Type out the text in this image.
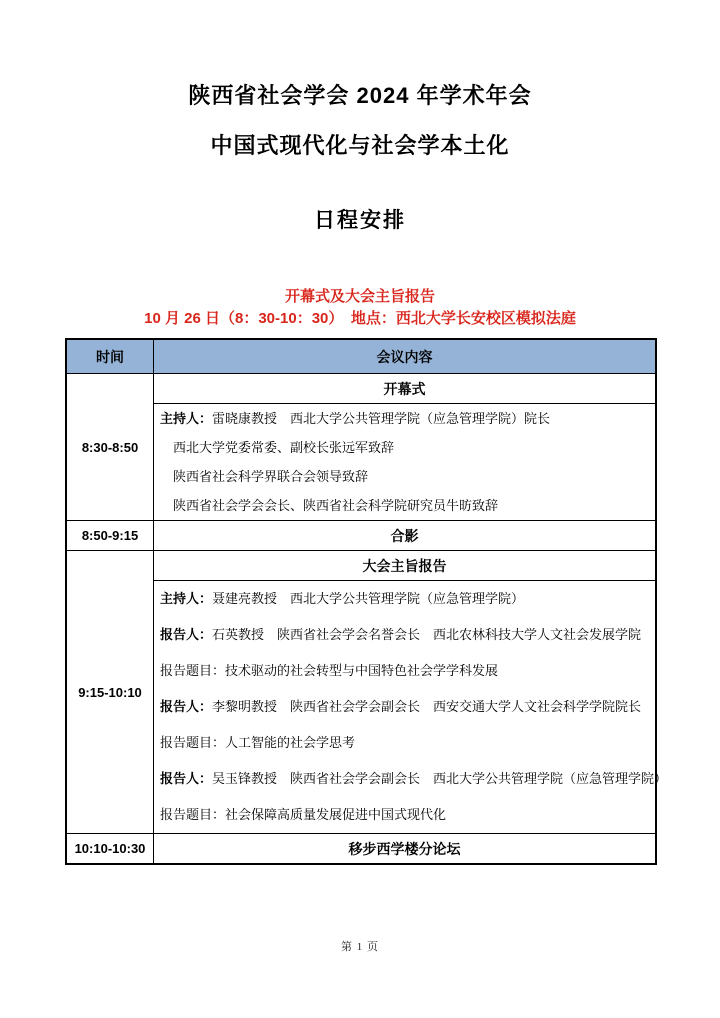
陕西省社会学会 2024 年学术年会
中国式现代化与社会学本土化
日程安排
开幕式及大会主旨报告
10 月 26 日（8：30-10：30）　地点：西北大学长安校区模拟法庭
时间	会议内容
8:30-8:50	开幕式

	主持人：雷晓康教授　西北大学公共管理学院（应急管理学院）院长

西北大学党委常委、副校长张远军致辞

陕西省社会科学界联合会领导致辞

陕西省社会学会会长、陕西省社会科学院研究员牛昉致辞

8:50-9:15	合影
9:15-10:10	大会主旨报告

主持人：聂建亮教授　西北大学公共管理学院（应急管理学院）

报告人：石英教授　陕西省社会学会名誉会长　西北农林科技大学人文社会发展学院

报告题目：技术驱动的社会转型与中国特色社会学学科发展

报告人：李黎明教授　陕西省社会学会副会长　西安交通大学人文社会科学学院院长

报告题目：人工智能的社会学思考

报告人：吴玉锋教授　陕西省社会学会副会长　西北大学公共管理学院（应急管理学院）

报告题目：社会保障高质量发展促进中国式现代化

10:10-10:30	移步西学楼分论坛
第 1 页
